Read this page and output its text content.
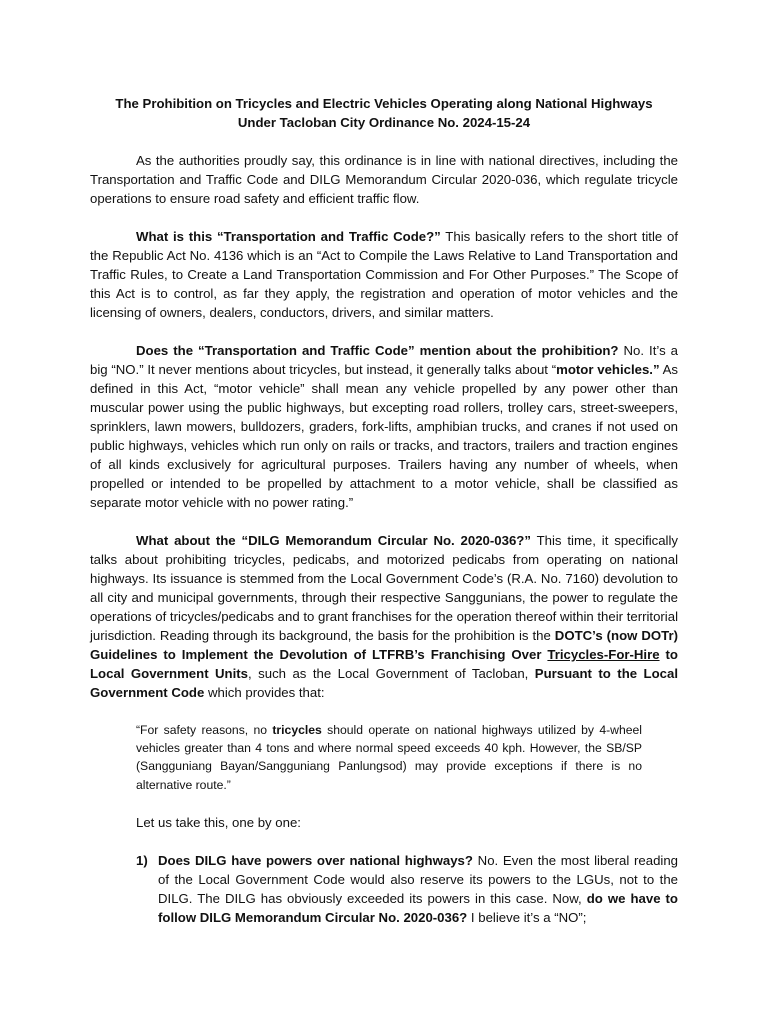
The Prohibition on Tricycles and Electric Vehicles Operating along National Highways
Under Tacloban City Ordinance No. 2024-15-24

As the authorities proudly say, this ordinance is in line with national directives, including the Transportation and Traffic Code and DILG Memorandum Circular 2020-036, which regulate tricycle operations to ensure road safety and efficient traffic flow.

What is this “Transportation and Traffic Code?” This basically refers to the short title of the Republic Act No. 4136 which is an “Act to Compile the Laws Relative to Land Transportation and Traffic Rules, to Create a Land Transportation Commission and For Other Purposes.” The Scope of this Act is to control, as far they apply, the registration and operation of motor vehicles and the licensing of owners, dealers, conductors, drivers, and similar matters.

Does the “Transportation and Traffic Code” mention about the prohibition? No. It’s a big “NO.” It never mentions about tricycles, but instead, it generally talks about “motor vehicles.” As defined in this Act, “motor vehicle” shall mean any vehicle propelled by any power other than muscular power using the public highways, but excepting road rollers, trolley cars, street-sweepers, sprinklers, lawn mowers, bulldozers, graders, fork-lifts, amphibian trucks, and cranes if not used on public highways, vehicles which run only on rails or tracks, and tractors, trailers and traction engines of all kinds exclusively for agricultural purposes. Trailers having any number of wheels, when propelled or intended to be propelled by attachment to a motor vehicle, shall be classified as separate motor vehicle with no power rating.”

What about the “DILG Memorandum Circular No. 2020-036?” This time, it specifically talks about prohibiting tricycles, pedicabs, and motorized pedicabs from operating on national highways. Its issuance is stemmed from the Local Government Code’s (R.A. No. 7160) devolution to all city and municipal governments, through their respective Sanggunians, the power to regulate the operations of tricycles/pedicabs and to grant franchises for the operation thereof within their territorial jurisdiction. Reading through its background, the basis for the prohibition is the DOTC’s (now DOTr) Guidelines to Implement the Devolution of LTFRB’s Franchising Over Tricycles-For-Hire to Local Government Units, such as the Local Government of Tacloban, Pursuant to the Local Government Code which provides that:

“For safety reasons, no tricycles should operate on national highways utilized by 4-wheel vehicles greater than 4 tons and where normal speed exceeds 40 kph. However, the SB/SP (Sangguniang Bayan/Sangguniang Panlungsod) may provide exceptions if there is no alternative route.”

Let us take this, one by one:

1) Does DILG have powers over national highways? No. Even the most liberal reading of the Local Government Code would also reserve its powers to the LGUs, not to the DILG. The DILG has obviously exceeded its powers in this case. Now, do we have to follow DILG Memorandum Circular No. 2020-036? I believe it’s a “NO”;
